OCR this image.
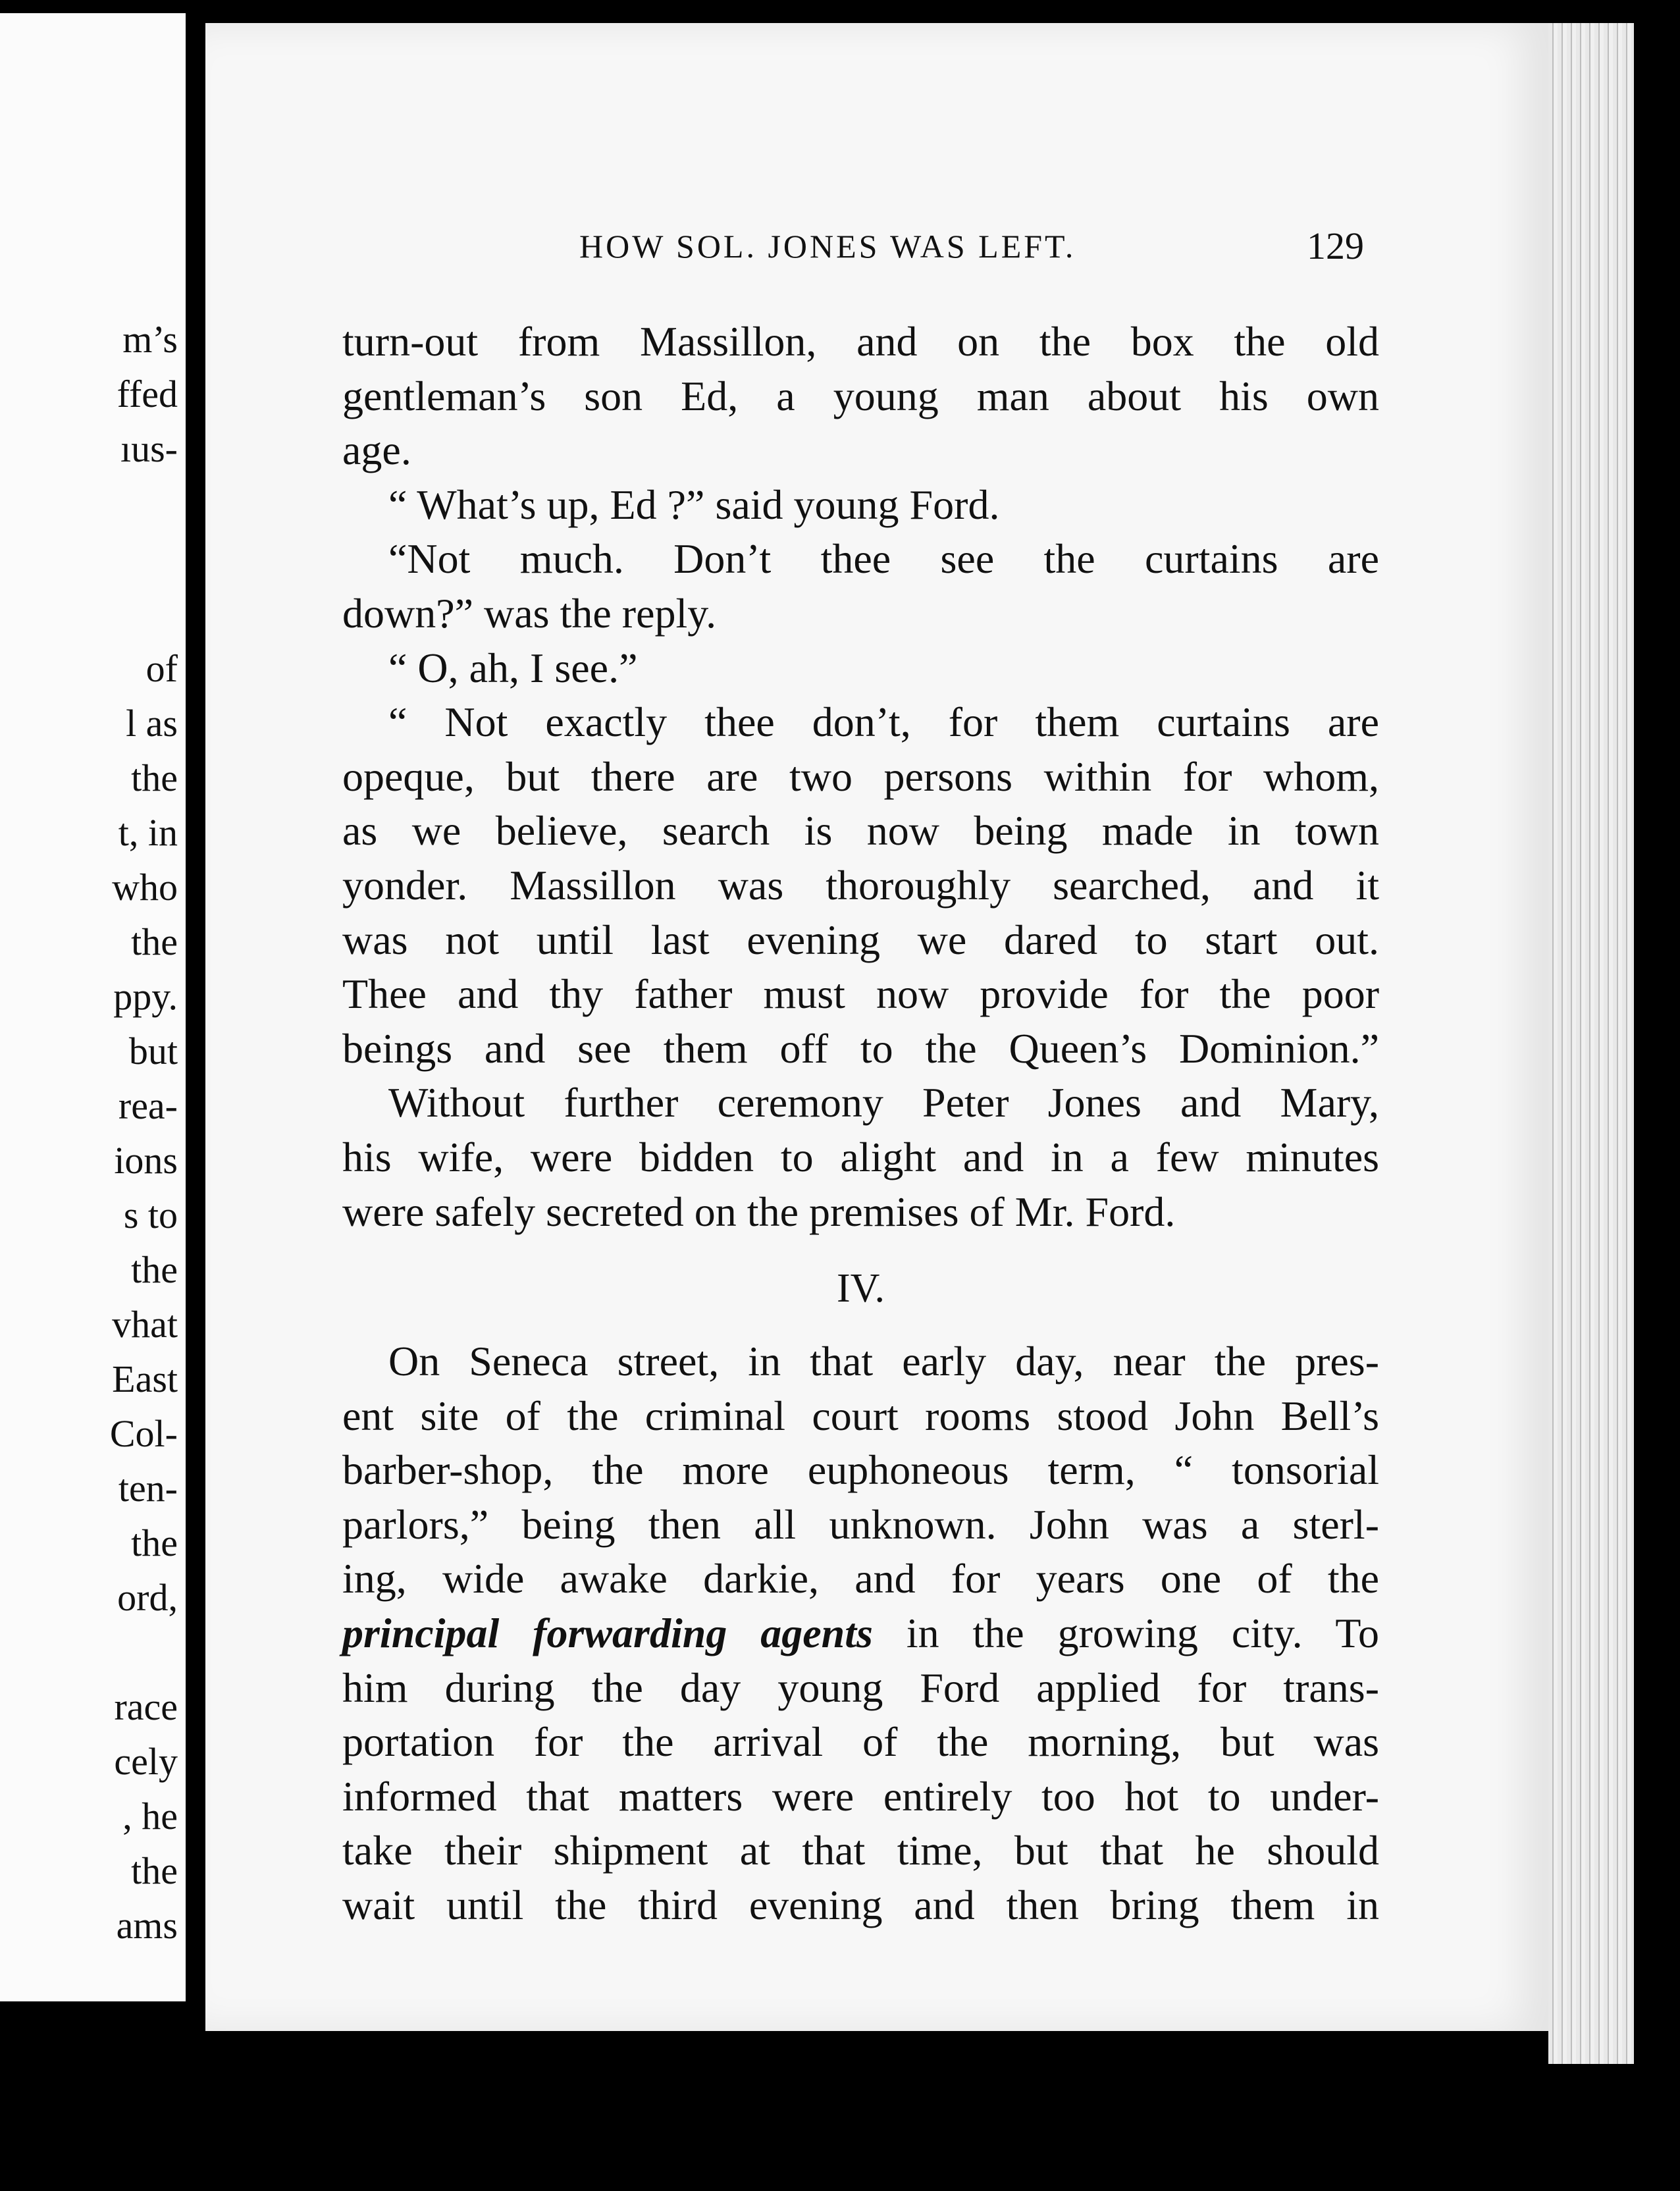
m’s
ffed
ıus-
of
l as
the
t, in
who
the
ppy.
but
rea-
ions
s to
the
vhat
East
Col-
ten-
the
ord,
race
cely
, he
the
ams
HOW SOL. JONES WAS LEFT.	129
turn-out from Massillon, and on the box the old
gentleman’s son Ed, a young man about his own
age.
“ What’s up, Ed ?” said young Ford.
“Not much. Don’t thee see the curtains are
down?” was the reply.
“ O, ah, I see.”
“ Not exactly thee don’t, for them curtains are
opeque, but there are two persons within for whom,
as we believe, search is now being made in town
yonder. Massillon was thoroughly searched, and it
was not until last evening we dared to start out.
Thee and thy father must now provide for the poor
beings and see them off to the Queen’s Dominion.”
Without further ceremony Peter Jones and Mary,
his wife, were bidden to alight and in a few minutes
were safely secreted on the premises of Mr. Ford.
IV.
On Seneca street, in that early day, near the pres-
ent site of the criminal court rooms stood John Bell’s
barber-shop, the more euphoneous term, “ tonsorial
parlors,” being then all unknown. John was a sterl-
ing, wide awake darkie, and for years one of the
principal forwarding agents in the growing city. To
him during the day young Ford applied for trans-
portation for the arrival of the morning, but was
informed that matters were entirely too hot to under-
take their shipment at that time, but that he should
wait until the third evening and then bring them in
